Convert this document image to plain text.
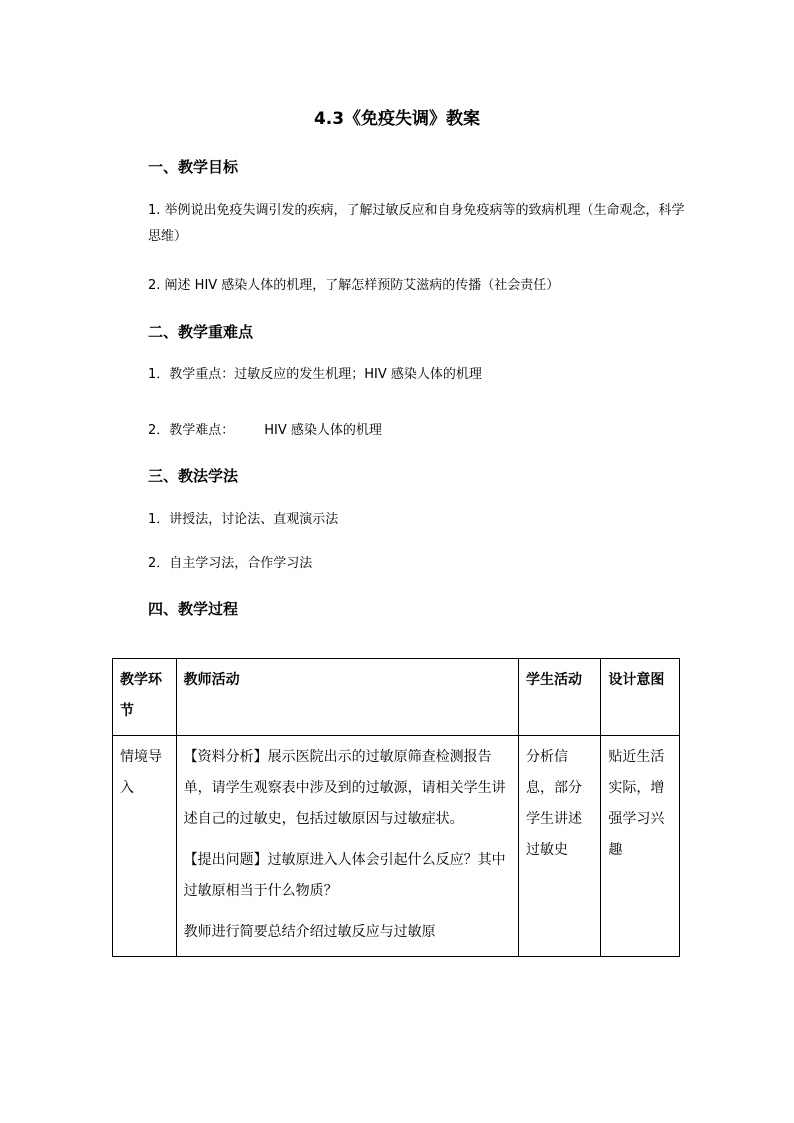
4.3《免疫失调》教案
一、教学目标
1. 举例说出免疫失调引发的疾病，了解过敏反应和自身免疫病等的致病机理（生命观念，科学思维）
2. 阐述 HIV 感染人体的机理，了解怎样预防艾滋病的传播（社会责任）
二、教学重难点
1．教学重点：过敏反应的发生机理；HIV 感染人体的机理
2．教学难点： HIV 感染人体的机理
三、教法学法
1．讲授法，讨论法、直观演示法
2．自主学习法，合作学习法
四、教学过程
教学环节	教师活动	学生活动	设计意图
情境导入	【资料分析】展示医院出示的过敏原筛查检测报告单，请学生观察表中涉及到的过敏源，请相关学生讲述自己的过敏史，包括过敏原因与过敏症状。

【提出问题】过敏原进入人体会引起什么反应？其中过敏原相当于什么物质？

教师进行简要总结介绍过敏反应与过敏原	分析信息，部分学生讲述过敏史	贴近生活实际，增强学习兴趣
